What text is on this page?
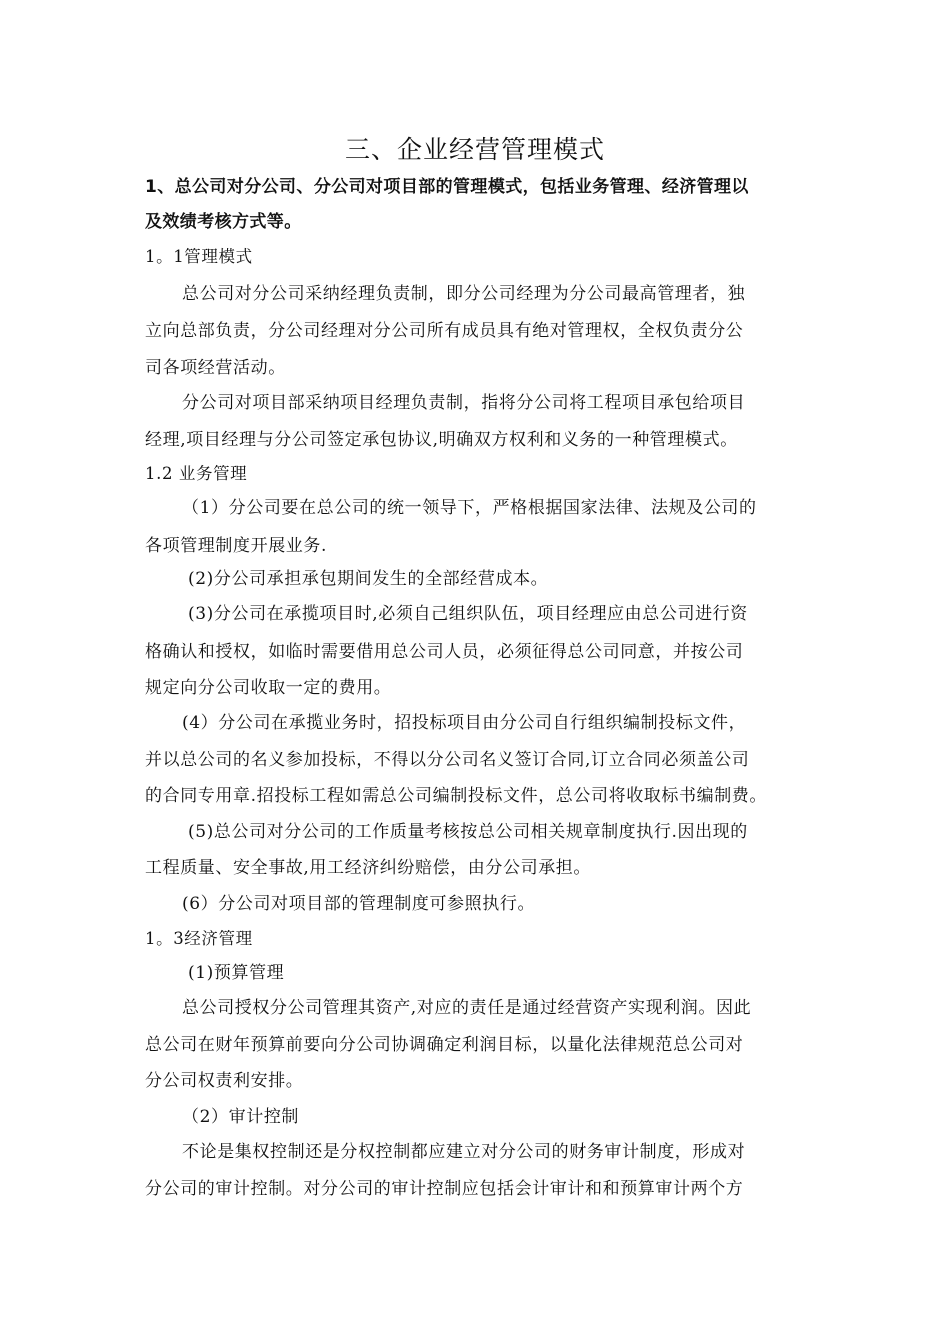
三、企业经营管理模式
1、总公司对分公司、分公司对项目部的管理模式，包括业务管理、经济管理以
及效绩考核方式等。
1。1管理模式
总公司对分公司采纳经理负责制，即分公司经理为分公司最高管理者，独
立向总部负责，分公司经理对分公司所有成员具有绝对管理权，全权负责分公
司各项经营活动。
分公司对项目部采纳项目经理负责制，指将分公司将工程项目承包给项目
经理,项目经理与分公司签定承包协议,明确双方权利和义务的一种管理模式。
1.2 业务管理
（1）分公司要在总公司的统一领导下，严格根据国家法律、法规及公司的
各项管理制度开展业务.
(2)分公司承担承包期间发生的全部经营成本。
(3)分公司在承揽项目时,必须自己组织队伍，项目经理应由总公司进行资
格确认和授权，如临时需要借用总公司人员，必须征得总公司同意，并按公司
规定向分公司收取一定的费用。
(4）分公司在承揽业务时，招投标项目由分公司自行组织编制投标文件，
并以总公司的名义参加投标，不得以分公司名义签订合同,订立合同必须盖公司
的合同专用章.招投标工程如需总公司编制投标文件，总公司将收取标书编制费。
(5)总公司对分公司的工作质量考核按总公司相关规章制度执行.因出现的
工程质量、安全事故,用工经济纠纷赔偿，由分公司承担。
(6）分公司对项目部的管理制度可参照执行。
1。3经济管理
(1)预算管理
总公司授权分公司管理其资产,对应的责任是通过经营资产实现利润。因此
总公司在财年预算前要向分公司协调确定利润目标，以量化法律规范总公司对
分公司权责利安排。
（2）审计控制
不论是集权控制还是分权控制都应建立对分公司的财务审计制度，形成对
分公司的审计控制。对分公司的审计控制应包括会计审计和和预算审计两个方
